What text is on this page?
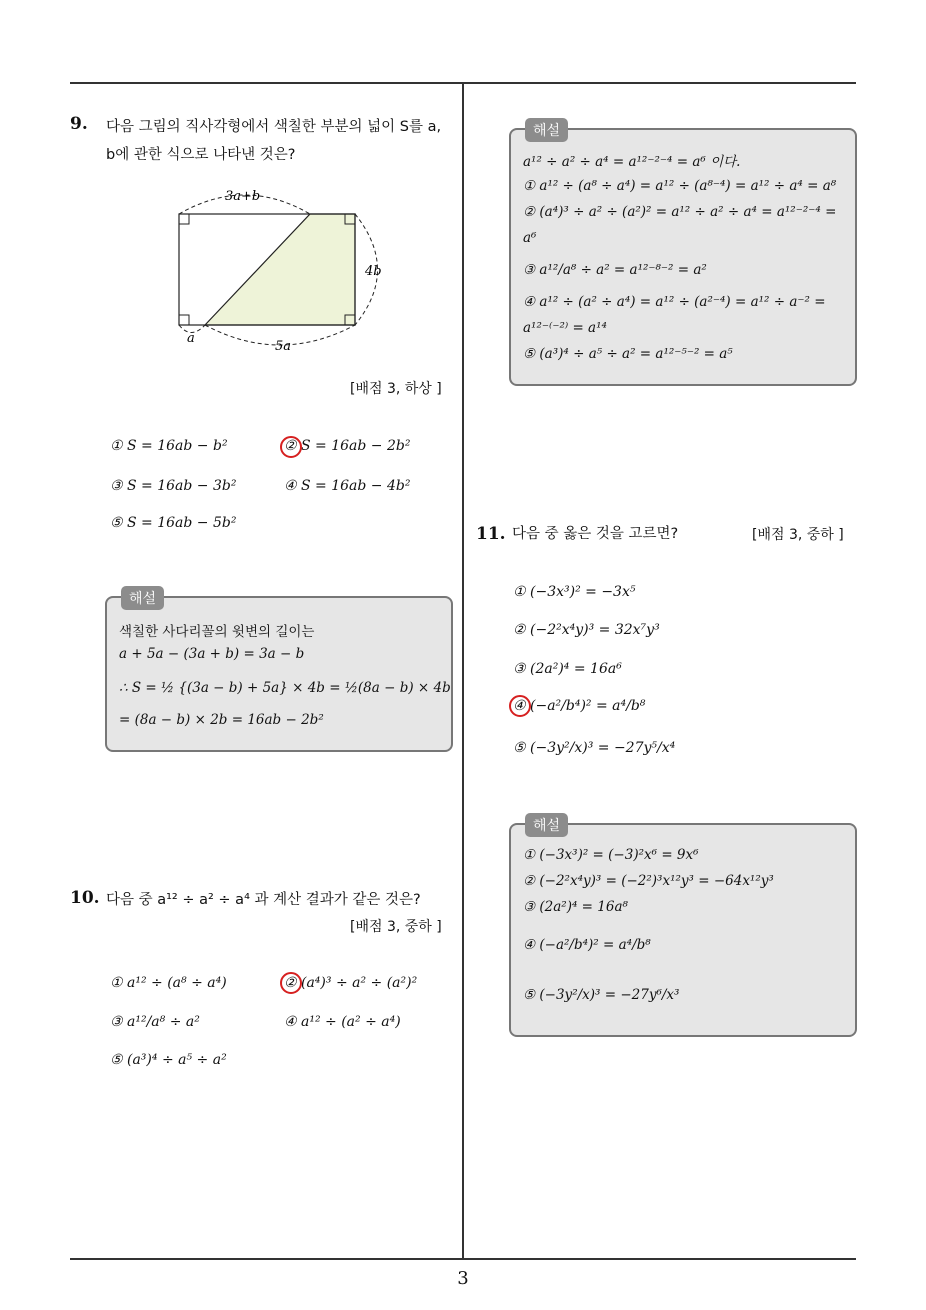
9. 다음 그림의 직사각형에서 색칠한 부분의 넓이 S를 a,
b에 관한 식으로 나타낸 것은?
3a+b
4b
a
5a
[배점 3, 하상 ]
① S = 16ab − b²	② S = 16ab − 2b²
③ S = 16ab − 3b²	④ S = 16ab − 4b²
⑤ S = 16ab − 5b²
해설
색칠한 사다리꼴의 윗변의 길이는
a + 5a − (3a + b) = 3a − b
∴ S = ½ {(3a − b) + 5a} × 4b = ½(8a − b) × 4b
= (8a − b) × 2b = 16ab − 2b²
10. 다음 중 a¹² ÷ a² ÷ a⁴ 과 계산 결과가 같은 것은?
[배점 3, 중하 ]
① a¹² ÷ (a⁸ ÷ a⁴)	② (a⁴)³ ÷ a² ÷ (a²)²
③ a¹²/a⁸ ÷ a²	④ a¹² ÷ (a² ÷ a⁴)
⑤ (a³)⁴ ÷ a⁵ ÷ a²
해설
a¹² ÷ a² ÷ a⁴ = a¹²⁻²⁻⁴ = a⁶ 이다.
① a¹² ÷ (a⁸ ÷ a⁴) = a¹² ÷ (a⁸⁻⁴) = a¹² ÷ a⁴ = a⁸
② (a⁴)³ ÷ a² ÷ (a²)² = a¹² ÷ a² ÷ a⁴ = a¹²⁻²⁻⁴ =
a⁶
③ a¹²/a⁸ ÷ a² = a¹²⁻⁸⁻² = a²
④ a¹² ÷ (a² ÷ a⁴) = a¹² ÷ (a²⁻⁴) = a¹² ÷ a⁻² =
a¹²⁻⁽⁻²⁾ = a¹⁴
⑤ (a³)⁴ ÷ a⁵ ÷ a² = a¹²⁻⁵⁻² = a⁵
11. 다음 중 옳은 것을 고르면?	[배점 3, 중하 ]
① (−3x³)² = −3x⁵
② (−2²x⁴y)³ = 32x⁷y³
③ (2a²)⁴ = 16a⁶
④ (−a²/b⁴)² = a⁴/b⁸
⑤ (−3y²/x)³ = −27y⁵/x⁴
해설
① (−3x³)² = (−3)²x⁶ = 9x⁶
② (−2²x⁴y)³ = (−2²)³x¹²y³ = −64x¹²y³
③ (2a²)⁴ = 16a⁸
④ (−a²/b⁴)² = a⁴/b⁸
⑤ (−3y²/x)³ = −27y⁶/x³
3
